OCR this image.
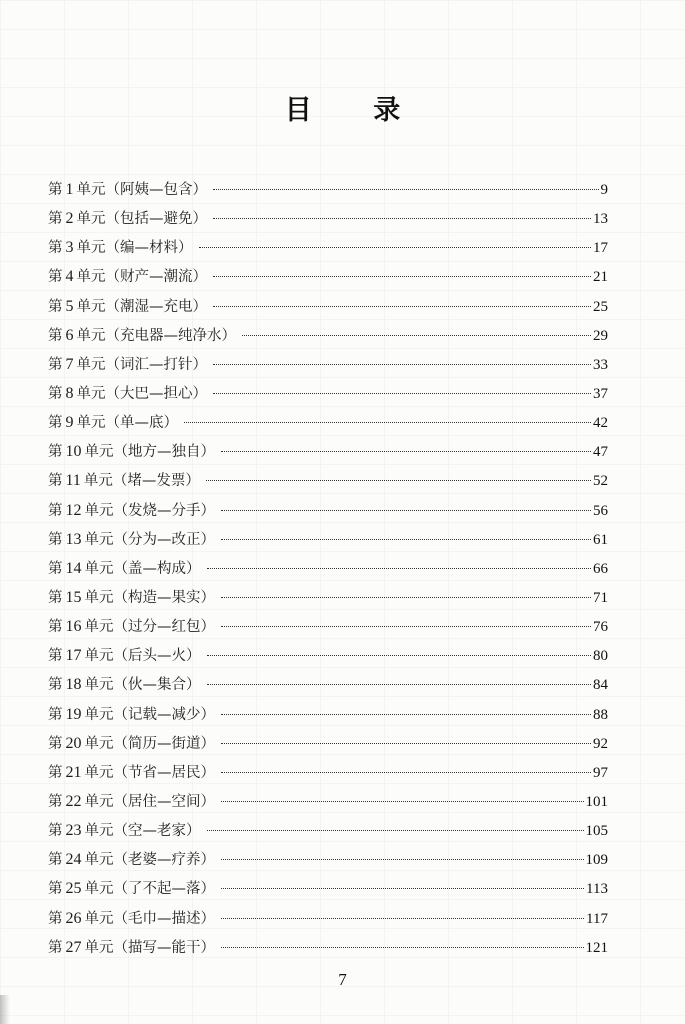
目 录
第 1 单元（阿姨—包含）	9
第 2 单元（包括—避免）	13
第 3 单元（编—材料）	17
第 4 单元（财产—潮流）	21
第 5 单元（潮湿—充电）	25
第 6 单元（充电器—纯净水）	29
第 7 单元（词汇—打针）	33
第 8 单元（大巴—担心）	37
第 9 单元（单—底）	42
第 10 单元（地方—独自）	47
第 11 单元（堵—发票）	52
第 12 单元（发烧—分手）	56
第 13 单元（分为—改正）	61
第 14 单元（盖—构成）	66
第 15 单元（构造—果实）	71
第 16 单元（过分—红包）	76
第 17 单元（后头—火）	80
第 18 单元（伙—集合）	84
第 19 单元（记载—减少）	88
第 20 单元（简历—街道）	92
第 21 单元（节省—居民）	97
第 22 单元（居住—空间）	101
第 23 单元（空—老家）	105
第 24 单元（老婆—疗养）	109
第 25 单元（了不起—落）	113
第 26 单元（毛巾—描述）	117
第 27 单元（描写—能干）	121
7
